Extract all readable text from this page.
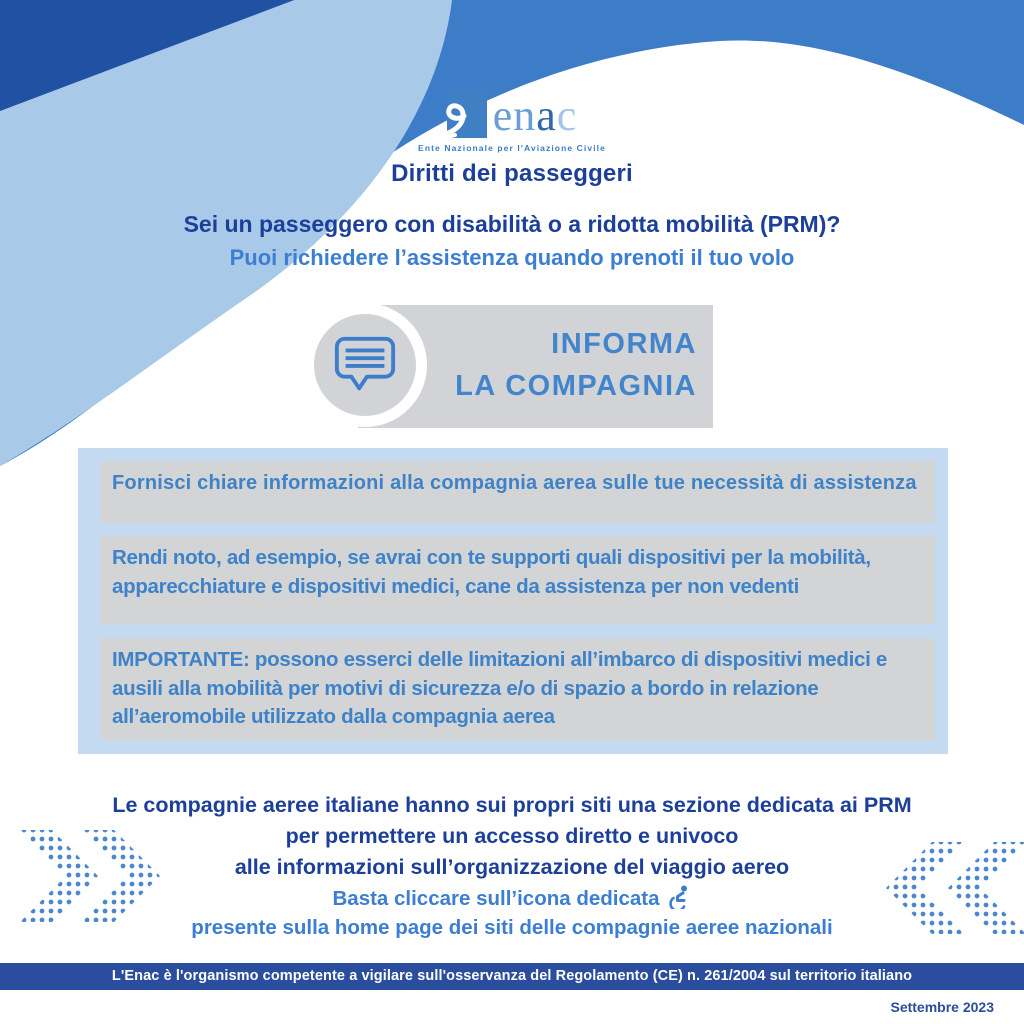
enac
Ente Nazionale per l'Aviazione Civile
Diritti dei passeggeri
Sei un passeggero con disabilità o a ridotta mobilità (PRM)?
Puoi richiedere l’assistenza quando prenoti il tuo volo
INFORMA
LA COMPAGNIA
Fornisci chiare informazioni alla compagnia aerea sulle tue necessità di assistenza
Rendi noto, ad esempio, se avrai con te supporti quali dispositivi per la mobilità, apparecchiature e dispositivi medici, cane da assistenza per non vedenti
IMPORTANTE: possono esserci delle limitazioni all’imbarco di dispositivi medici e ausili alla mobilità per motivi di sicurezza e/o di spazio a bordo in relazione all’aeromobile utilizzato dalla compagnia aerea
Le compagnie aeree italiane hanno sui propri siti una sezione dedicata ai PRM
per permettere un accesso diretto e univoco
alle informazioni sull’organizzazione del viaggio aereo
Basta cliccare sull’icona dedicata
presente sulla home page dei siti delle compagnie aeree nazionali
L'Enac è l'organismo competente a vigilare sull'osservanza del Regolamento (CE) n. 261/2004 sul territorio italiano
Settembre 2023
